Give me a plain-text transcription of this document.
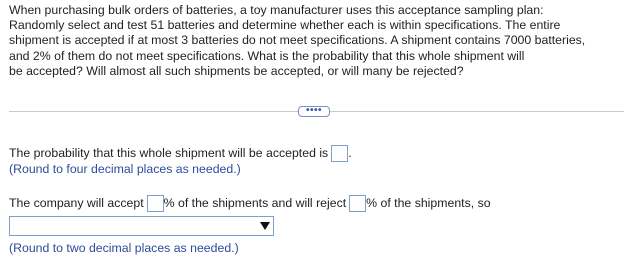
When purchasing bulk orders of batteries, a toy manufacturer uses this acceptance sampling plan:
Randomly select and test 51 batteries and determine whether each is within specifications. The entire
shipment is accepted if at most 3 batteries do not meet specifications. A shipment contains 7000 batteries,
and 2% of them do not meet specifications. What is the probability that this whole shipment will
be accepted? Will almost all such shipments be accepted, or will many be rejected?
••••
The probability that this whole shipment will be accepted is .
(Round to four decimal places as needed.)
The company will accept % of the shipments and will reject % of the shipments, so
(Round to two decimal places as needed.)
